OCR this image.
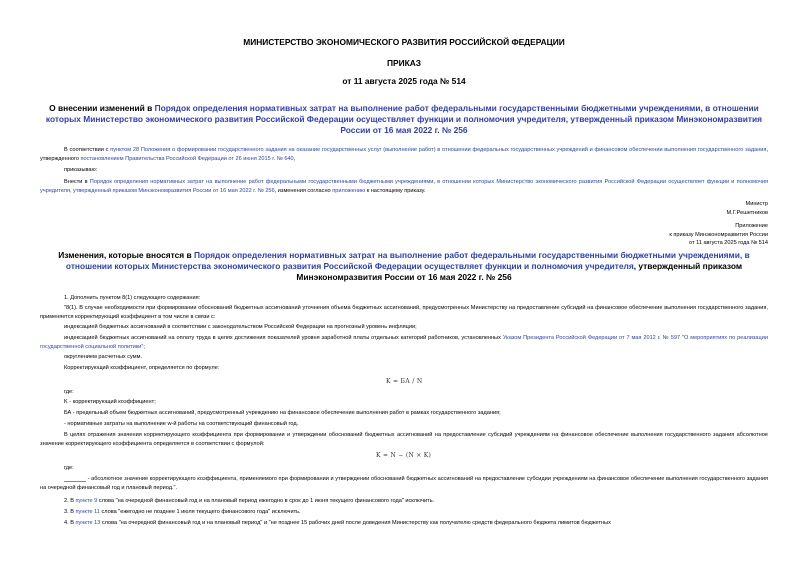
МИНИСТЕРСТВО ЭКОНОМИЧЕСКОГО РАЗВИТИЯ РОССИЙСКОЙ ФЕДЕРАЦИИ
ПРИКАЗ
от 11 августа 2025 года № 514
О внесении изменений в Порядок определения нормативных затрат на выполнение работ федеральными государственными бюджетными учреждениями, в отношении которых Министерство экономического развития Российской Федерации осуществляет функции и полномочия учредителя, утвержденный приказом Минэкономразвития России от 16 мая 2022 г. № 256
В соответствии с пунктом 28 Положения о формировании государственного задания на оказание государственных услуг (выполнение работ) в отношении федеральных государственных учреждений и финансовом обеспечении выполнения государственного задания, утвержденного постановлением Правительства Российской Федерации от 26 июня 2015 г. № 640,
приказываю:
Внести в Порядок определения нормативных затрат на выполнение работ федеральными государственными бюджетными учреждениями, в отношении которых Министерство экономического развития Российской Федерации осуществляет функции и полномочия учредителя, утвержденный приказом Минэкономразвития России от 16 мая 2022 г. № 256, изменения согласно приложению к настоящему приказу.
Министр
М.Г.Решетников
Приложение
к приказу Минэкономразвития России
от 11 августа 2025 года № 514
Изменения, которые вносятся в Порядок определения нормативных затрат на выполнение работ федеральными государственными бюджетными учреждениями, в отношении которых Министерства экономического развития Российской Федерации осуществляет функции и полномочия учредителя, утвержденный приказом Минэкономразвития России от 16 мая 2022 г. № 256
1. Дополнить пунктом 8(1) следующего содержания:
"8(1). В случае необходимости при формировании обоснований бюджетных ассигнований уточнения объема бюджетных ассигнований, предусмотренных Министерству на предоставление субсидий на финансовое обеспечение выполнения государственного задания, применяется корректирующий коэффициент в том числе в связи с:
индексацией бюджетных ассигнований в соответствии с законодательством Российской Федерации на прогнозный уровень инфляции;
индексацией бюджетных ассигнований на оплату труда в целях достижения показателей уровня заработной платы отдельных категорий работников, установленных Указом Президента Российской Федерации от 7 мая 2012 г. № 597 "О мероприятиях по реализации государственной социальной политики";
округлением расчетных сумм.
Корректирующий коэффициент, определяется по формуле:
K = БА / N
где:
K - корректирующий коэффициент;
БА - предельный объем бюджетных ассигнований, предусмотренный учреждению на финансовое обеспечение выполнения работ в рамках государственного задания;
- нормативные затраты на выполнение w-й работы на соответствующий финансовый год.
В целях отражения значения корректирующего коэффициента при формировании и утверждении обоснований бюджетных ассигнований на предоставление субсидий учреждениям на финансовое обеспечение выполнения государственного задания абсолютное значение корректирующего коэффициента определяется в соответствии с формулой:
K = N − (N × K)
где:
- абсолютное значение корректирующего коэффициента, применяемого при формировании и утверждении обоснований бюджетных ассигнований на предоставление субсидии учреждениям на финансовое обеспечение выполнения государственного задания на очередной финансовый год и плановый период.".
2. В пункте 9 слова "на очередной финансовый год и на плановый период ежегодно в срок до 1 июня текущего финансового года" исключить.
3. В пункте 11 слова "ежегодно не позднее 1 июля текущего финансового года" исключить.
4. В пункте 13 слова "на очередной финансовый год и на плановый период" и "не позднее 15 рабочих дней после доведения Министерству как получателю средств федерального бюджета лимитов бюджетных
